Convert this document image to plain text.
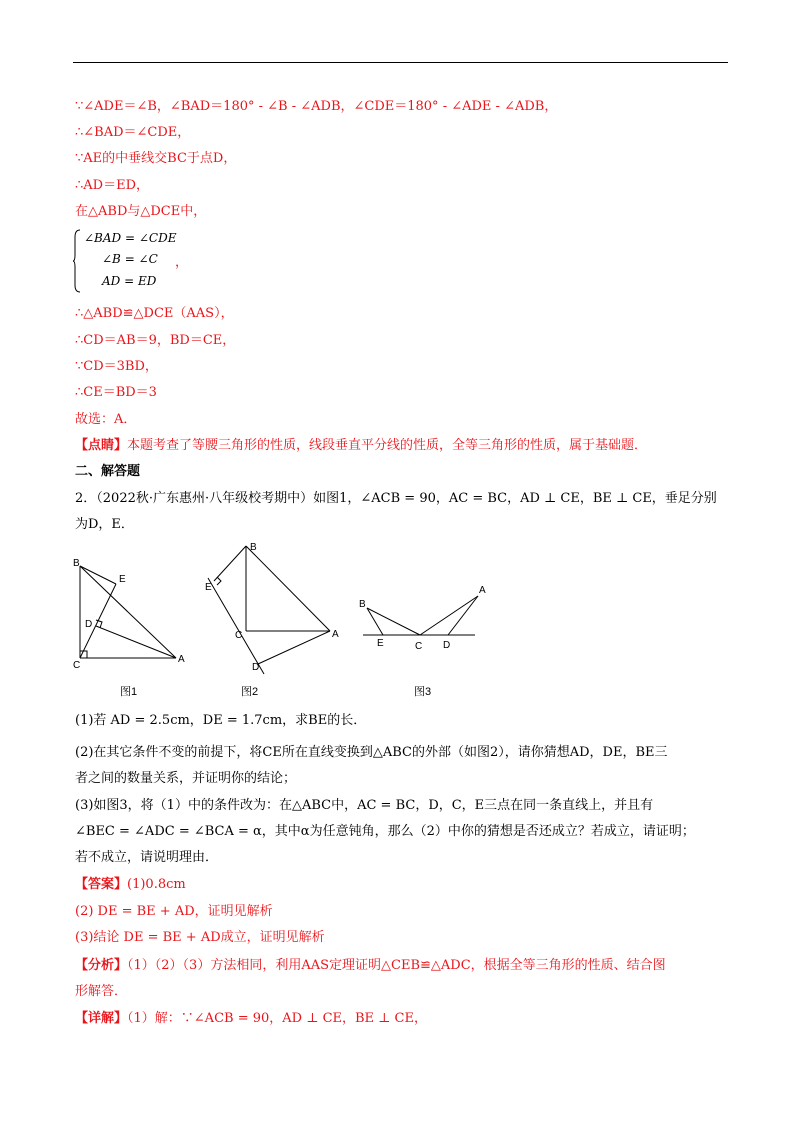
∵∠ADE＝∠B，∠BAD＝180° - ∠B - ∠ADB，∠CDE＝180° - ∠ADE - ∠ADB，
∴∠BAD＝∠CDE，
∵AE的中垂线交BC于点D，
∴AD＝ED，
在△ABD与△DCE中，
∠BAD = ∠CDE
∠B = ∠C
AD = ED
，
∴△ABD≌△DCE（AAS），
∴CD＝AB＝9，BD＝CE，
∵CD＝3BD，
∴CE＝BD＝3
故选：A．
【点睛】本题考查了等腰三角形的性质，线段垂直平分线的性质，全等三角形的性质，属于基础题．
二、解答题
2．（2022秋·广东惠州·八年级校考期中）如图1，∠ACB = 90，AC = BC，AD ⊥ CE，BE ⊥ CE，垂足分别
为D，E．
B
E
D
C
A
B
E
C	A
D
B
E	C D
A
图1	图2	图3
(1)若 AD = 2.5cm，DE = 1.7cm，求BE的长．
(2)在其它条件不变的前提下，将CE所在直线变换到△ABC的外部（如图2），请你猜想AD，DE，BE三
者之间的数量关系，并证明你的结论；
(3)如图3，将（1）中的条件改为：在△ABC中，AC = BC，D，C，E三点在同一条直线上，并且有
∠BEC = ∠ADC = ∠BCA = α，其中α为任意钝角，那么（2）中你的猜想是否还成立？若成立，请证明；
若不成立，请说明理由．
【答案】(1)0.8cm
(2) DE = BE + AD，证明见解析
(3)结论 DE = BE + AD成立，证明见解析
【分析】（1）（2）（3）方法相同，利用AAS定理证明△CEB≌△ADC，根据全等三角形的性质、结合图
形解答．
【详解】（1）解：∵∠ACB = 90，AD ⊥ CE，BE ⊥ CE，
